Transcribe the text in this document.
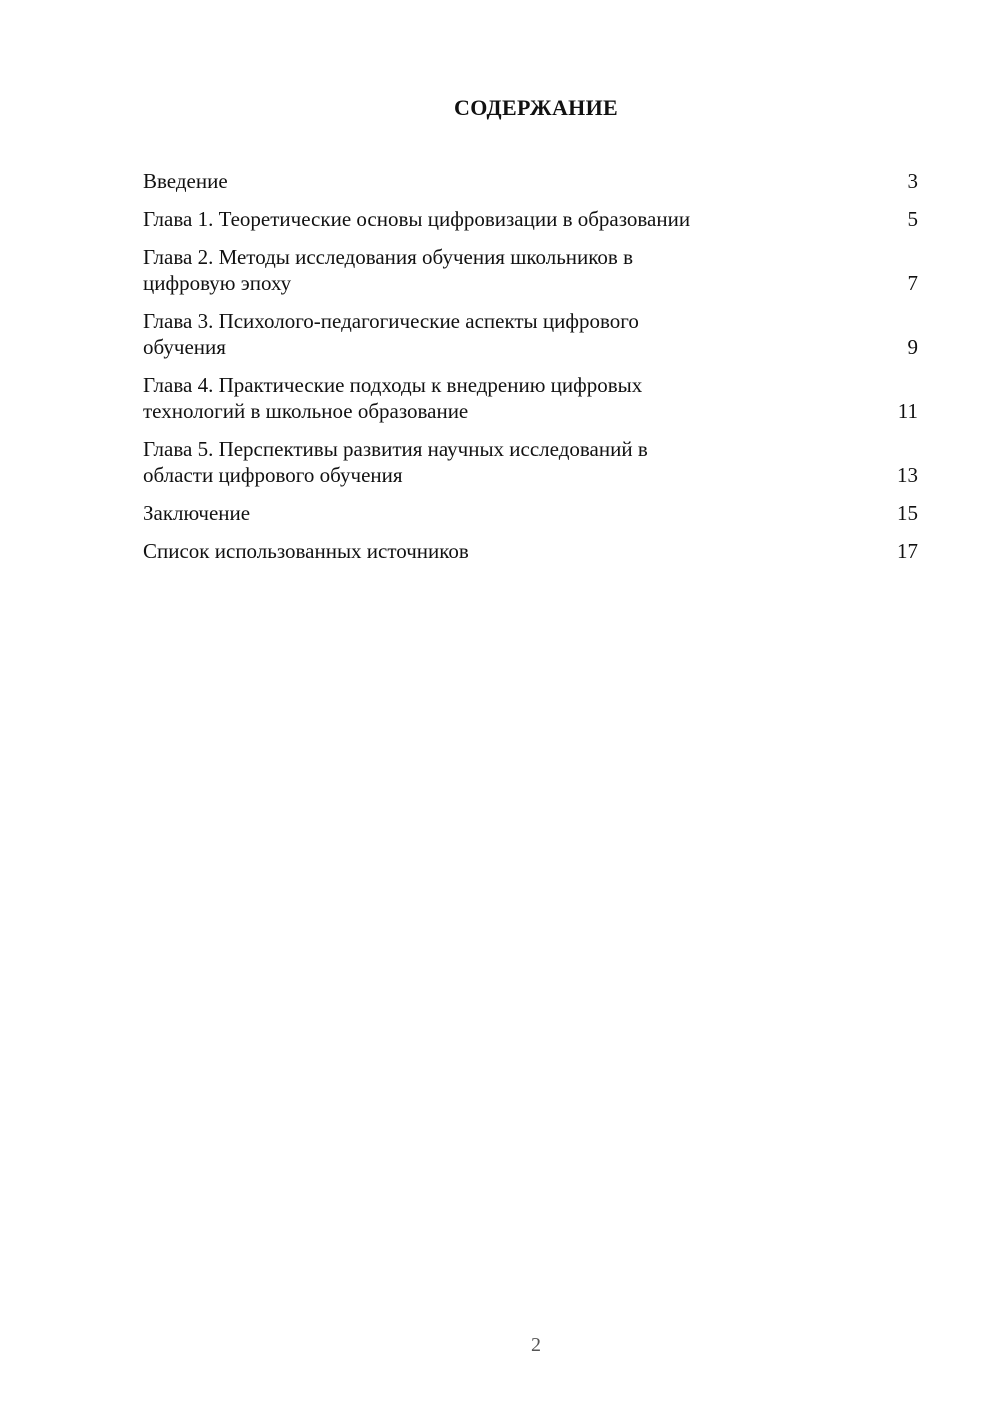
СОДЕРЖАНИЕ
Введение	3
Глава 1. Теоретические основы цифровизации в образовании	5
Глава 2. Методы исследования обучения школьников в
цифровую эпоху	7
Глава 3. Психолого-педагогические аспекты цифрового
обучения	9
Глава 4. Практические подходы к внедрению цифровых
технологий в школьное образование	11
Глава 5. Перспективы развития научных исследований в
области цифрового обучения	13
Заключение	15
Список использованных источников	17
2
